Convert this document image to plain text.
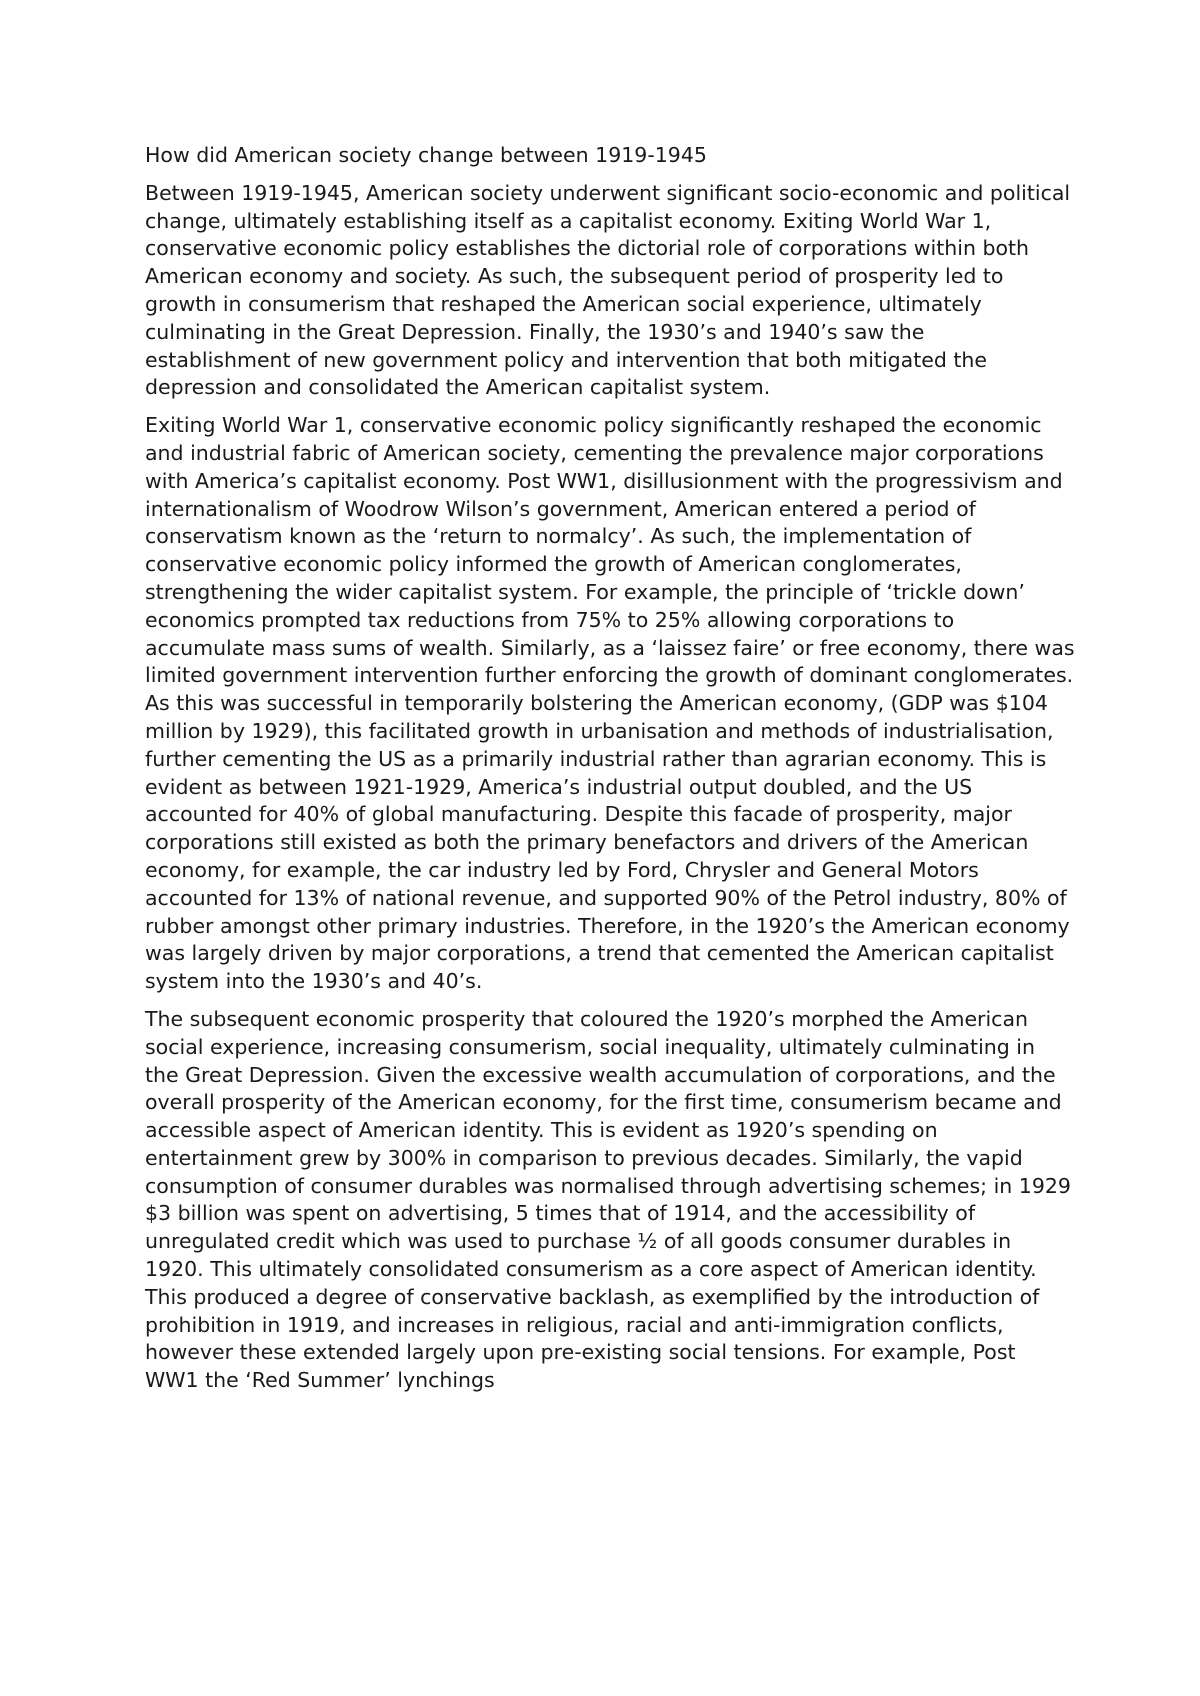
How did American society change between 1919-1945

Between 1919-1945, American society underwent significant socio-economic and political change, ultimately establishing itself as a capitalist economy. Exiting World War 1, conservative economic policy establishes the dictorial role of corporations within both American economy and society. As such, the subsequent period of prosperity led to growth in consumerism that reshaped the American social experience, ultimately culminating in the Great Depression. Finally, the 1930’s and 1940’s saw the establishment of new government policy and intervention that both mitigated the depression and consolidated the American capitalist system.

Exiting World War 1, conservative economic policy significantly reshaped the economic and industrial fabric of American society, cementing the prevalence major corporations with America’s capitalist economy. Post WW1, disillusionment with the progressivism and internationalism of Woodrow Wilson’s government, American entered a period of conservatism known as the ‘return to normalcy’. As such, the implementation of conservative economic policy informed the growth of American conglomerates, strengthening the wider capitalist system. For example, the principle of ‘trickle down’ economics prompted tax reductions from 75% to 25% allowing corporations to accumulate mass sums of wealth. Similarly, as a ‘laissez faire’ or free economy, there was limited government intervention further enforcing the growth of dominant conglomerates. As this was successful in temporarily bolstering the American economy, (GDP was $104 million by 1929), this facilitated growth in urbanisation and methods of industrialisation, further cementing the US as a primarily industrial rather than agrarian economy. This is evident as between 1921-1929, America’s industrial output doubled, and the US accounted for 40% of global manufacturing. Despite this facade of prosperity, major corporations still existed as both the primary benefactors and drivers of the American economy, for example, the car industry led by Ford, Chrysler and General Motors accounted for 13% of national revenue, and supported 90% of the Petrol industry, 80% of rubber amongst other primary industries. Therefore, in the 1920’s the American economy was largely driven by major corporations, a trend that cemented the American capitalist system into the 1930’s and 40’s.

The subsequent economic prosperity that coloured the 1920’s morphed the American social experience, increasing consumerism, social inequality, ultimately culminating in the Great Depression. Given the excessive wealth accumulation of corporations, and the overall prosperity of the American economy, for the first time, consumerism became and accessible aspect of American identity. This is evident as 1920’s spending on entertainment grew by 300% in comparison to previous decades. Similarly, the vapid consumption of consumer durables was normalised through advertising schemes; in 1929 $3 billion was spent on advertising, 5 times that of 1914, and the accessibility of unregulated credit which was used to purchase ½ of all goods consumer durables in 1920. This ultimately consolidated consumerism as a core aspect of American identity. This produced a degree of conservative backlash, as exemplified by the introduction of prohibition in 1919, and increases in religious, racial and anti-immigration conflicts, however these extended largely upon pre-existing social tensions. For example, Post WW1 the ‘Red Summer’ lynchings
